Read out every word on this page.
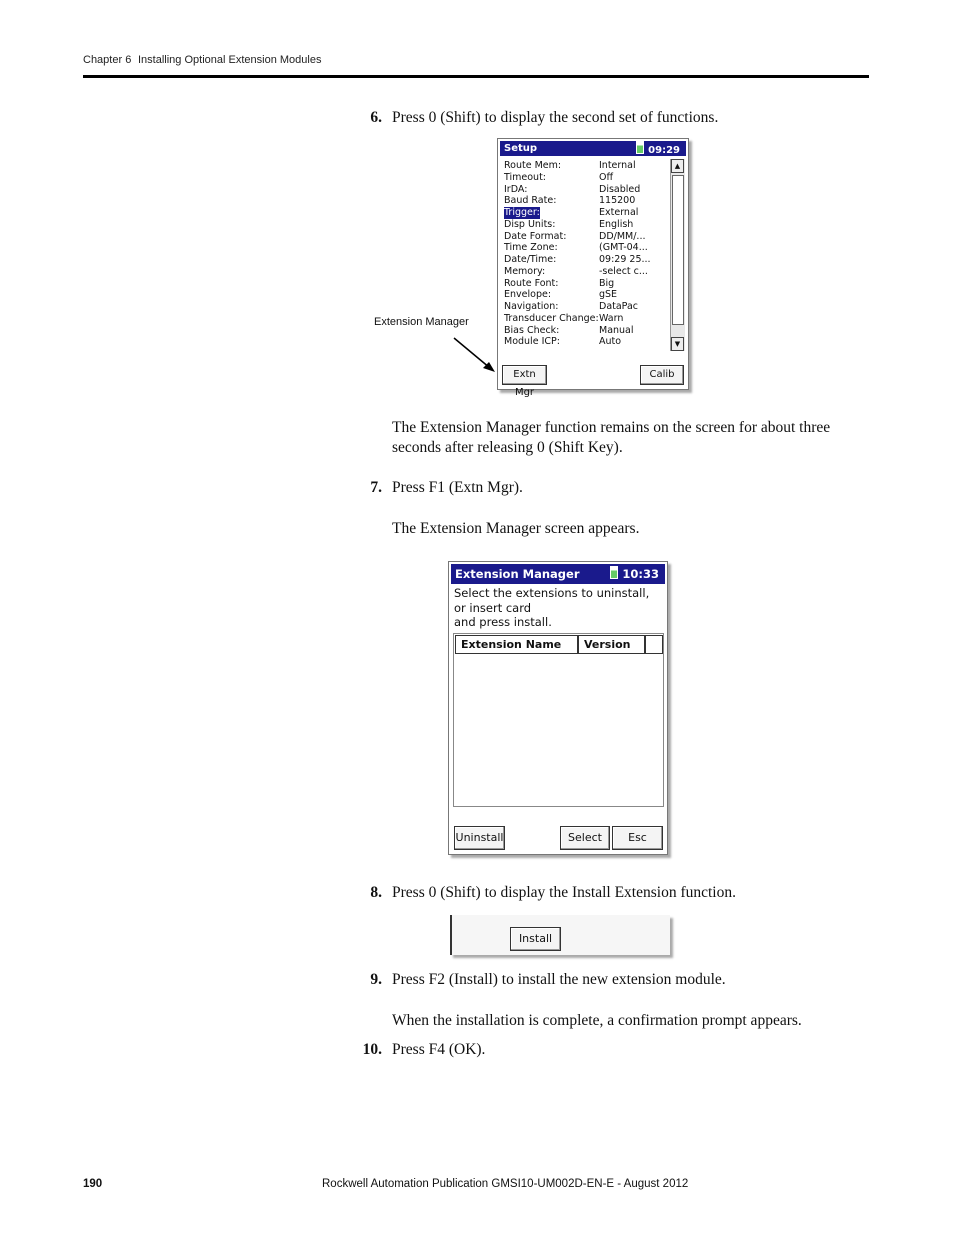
Chapter 6 Installing Optional Extension Modules
6. Press 0 (Shift) to display the second set of functions.
Setup	09:29
Route Mem:	Internal
Timeout:	Off
IrDA:	Disabled
Baud Rate:	115200
Trigger:	External
Disp Units:	English
Date Format:	DD/MM/...
Time Zone:	(GMT-04...
Date/Time:	09:29 25...
Memory:	-select c...
Route Font:	Big
Envelope:	gSE
Navigation:	DataPac
Transducer Change: Warn
Bias Check:	Manual
Module ICP:	Auto
▲
▼
Extn Mgr
Calib
Extension Manager
The Extension Manager function remains on the screen for about three seconds after releasing 0 (Shift Key).
7. Press F1 (Extn Mgr).
The Extension Manager screen appears.
Extension Manager	10:33
Select the extensions to uninstall,
or insert card
and press install.
Extension Name	Version
Uninstall	Select	Esc
8. Press 0 (Shift) to display the Install Extension function.
Install
9. Press F2 (Install) to install the new extension module.
When the installation is complete, a confirmation prompt appears.
10. Press F4 (OK).
190	Rockwell Automation Publication GMSI10-UM002D-EN-E - August 2012
